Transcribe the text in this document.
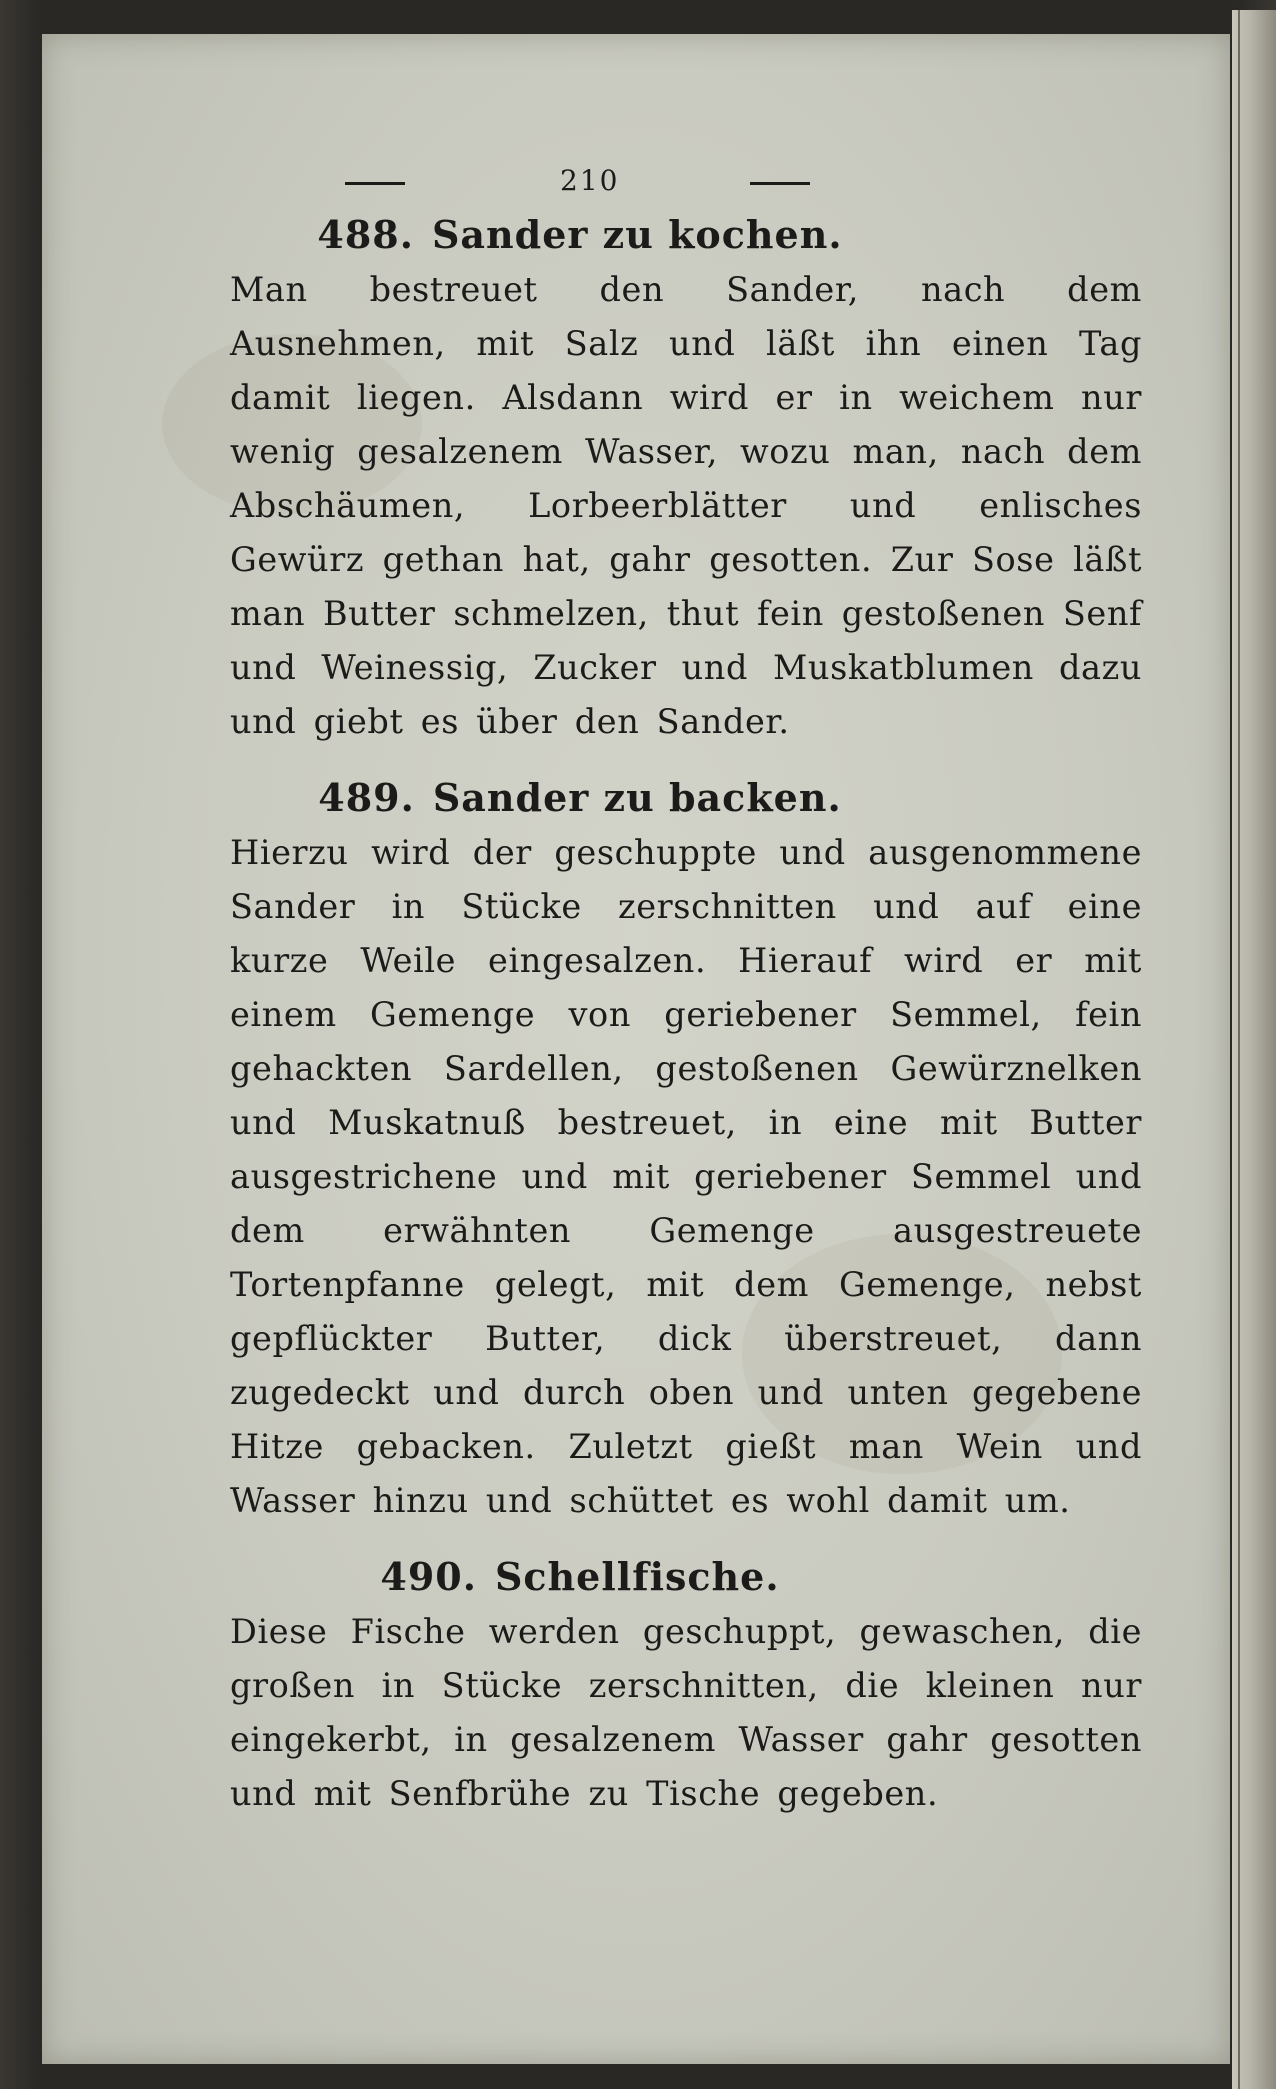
210
488. Sander zu kochen.
Man bestreuet den Sander, nach dem Ausnehmen, mit Salz und läßt ihn einen Tag damit liegen. Alsdann wird er in weichem nur wenig gesalzenem Wasser, wozu man, nach dem Abschäumen, Lorbeerblätter und enlisches Gewürz gethan hat, gahr gesotten. Zur Sose läßt man Butter schmelzen, thut fein gestoßenen Senf und Weinessig, Zucker und Muskatblumen dazu und giebt es über den Sander.
489. Sander zu backen.
Hierzu wird der geschuppte und ausgenommene Sander in Stücke zerschnitten und auf eine kurze Weile eingesalzen. Hierauf wird er mit einem Gemenge von geriebener Semmel, fein gehackten Sardellen, gestoßenen Gewürznelken und Muskatnuß bestreuet, in eine mit Butter ausgestrichene und mit geriebener Semmel und dem erwähnten Gemenge ausgestreuete Tortenpfanne gelegt, mit dem Gemenge, nebst gepflückter Butter, dick überstreuet, dann zugedeckt und durch oben und unten gegebene Hitze gebacken. Zuletzt gießt man Wein und Wasser hinzu und schüttet es wohl damit um.
490. Schellfische.
Diese Fische werden geschuppt, gewaschen, die großen in Stücke zerschnitten, die kleinen nur eingekerbt, in gesalzenem Wasser gahr gesotten und mit Senfbrühe zu Tische gegeben.
